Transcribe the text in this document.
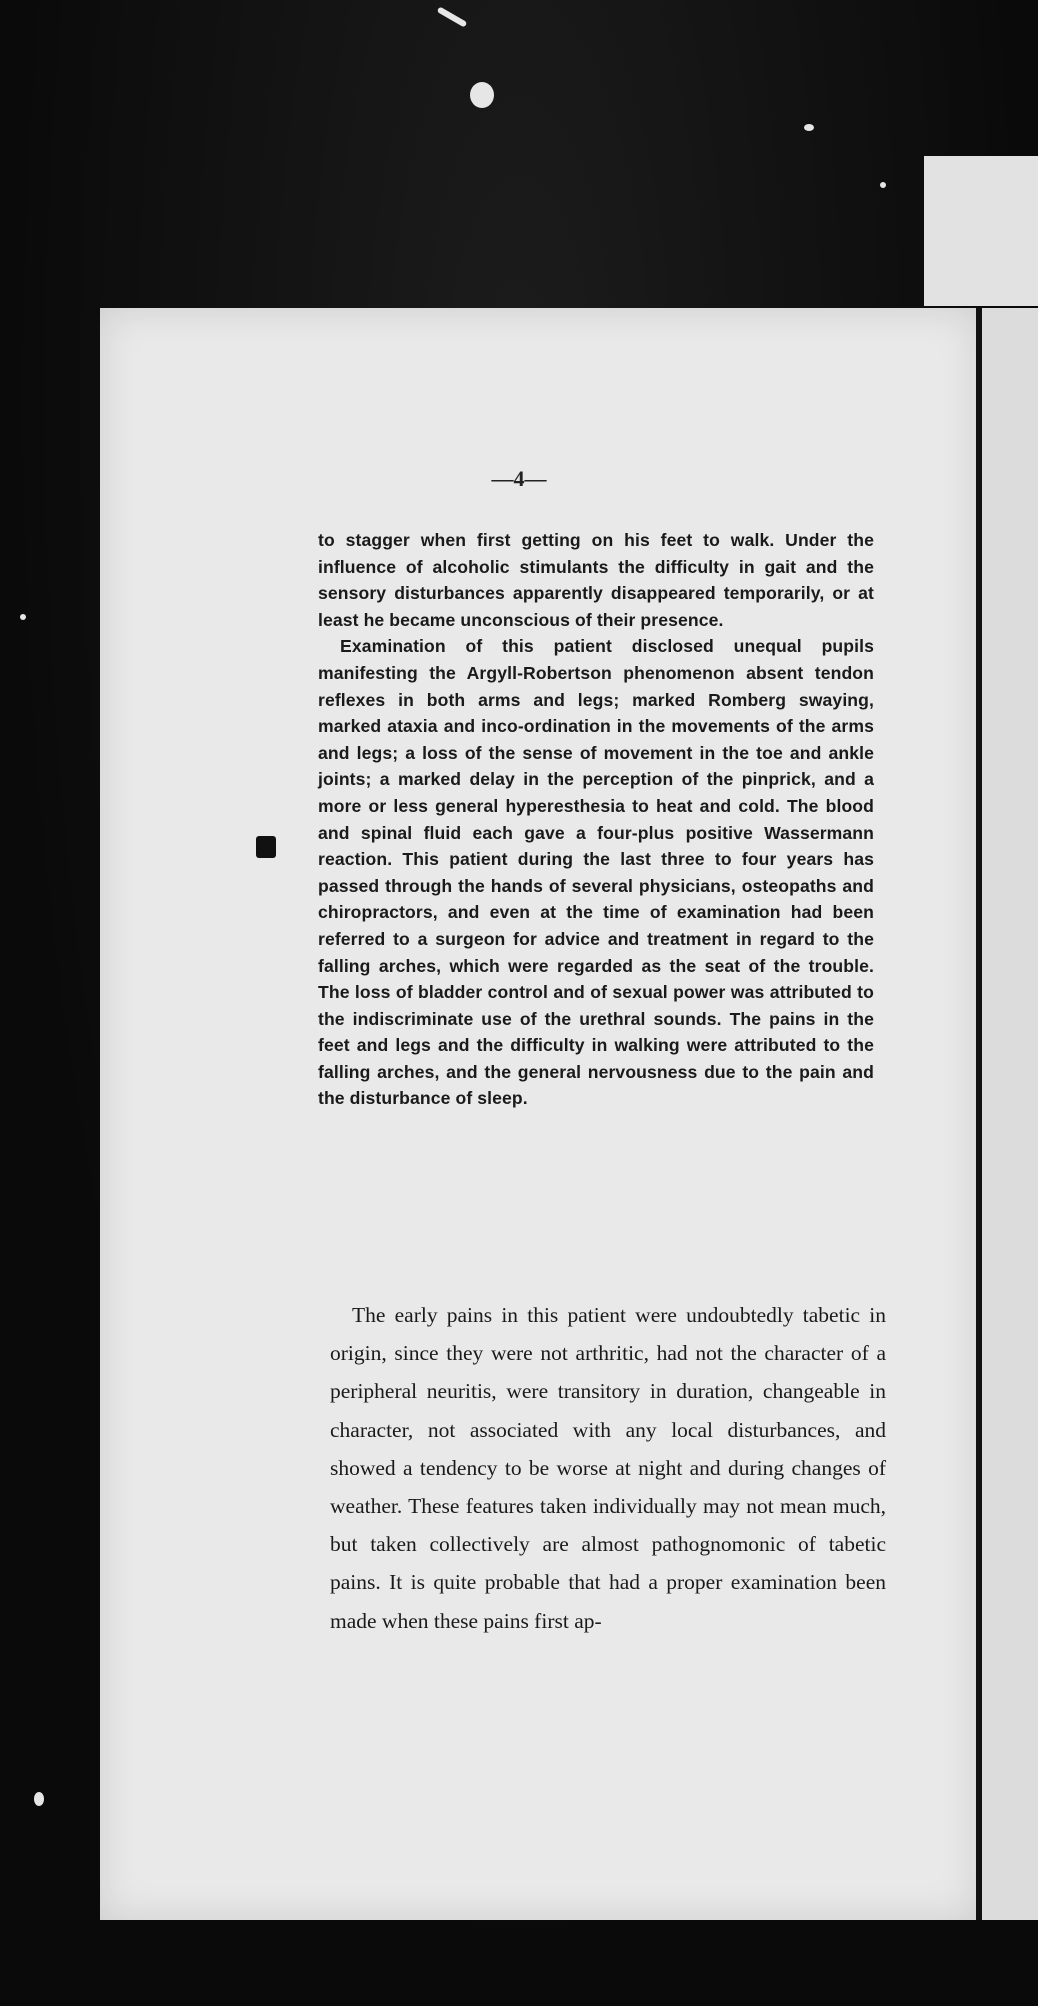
—4—

to stagger when first getting on his feet to walk. Under the influence of alcoholic stimulants the difficulty in gait and the sensory disturbances apparently disappeared temporarily, or at least he became unconscious of their presence.

Examination of this patient disclosed unequal pupils manifesting the Argyll-Robertson phenomenon absent tendon reflexes in both arms and legs; marked Romberg swaying, marked ataxia and inco-ordination in the movements of the arms and legs; a loss of the sense of movement in the toe and ankle joints; a marked delay in the perception of the pinprick, and a more or less general hyperesthesia to heat and cold. The blood and spinal fluid each gave a four-plus positive Wassermann reaction. This patient during the last three to four years has passed through the hands of several physicians, osteopaths and chiropractors, and even at the time of examination had been referred to a surgeon for advice and treatment in regard to the falling arches, which were regarded as the seat of the trouble. The loss of bladder control and of sexual power was attributed to the indiscriminate use of the urethral sounds. The pains in the feet and legs and the difficulty in walking were attributed to the falling arches, and the general nervousness due to the pain and the disturbance of sleep.

The early pains in this patient were undoubtedly tabetic in origin, since they were not arthritic, had not the character of a peripheral neuritis, were transitory in duration, changeable in character, not associated with any local disturbances, and showed a tendency to be worse at night and during changes of weather. These features taken individually may not mean much, but taken collectively are almost pathognomonic of tabetic pains. It is quite probable that had a proper examination been made when these pains first ap-
